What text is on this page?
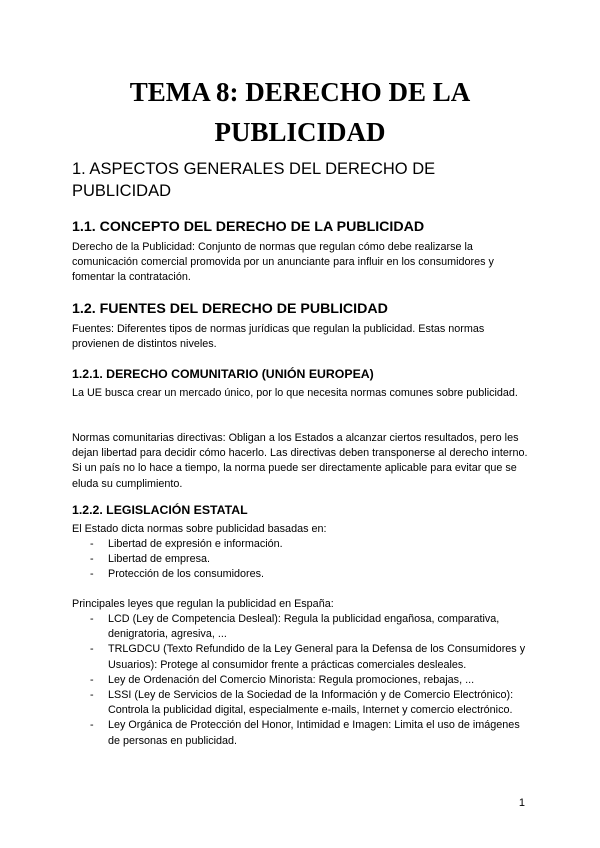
TEMA 8: DERECHO DE LA PUBLICIDAD
1. ASPECTOS GENERALES DEL DERECHO DE PUBLICIDAD
1.1. CONCEPTO DEL DERECHO DE LA PUBLICIDAD

Derecho de la Publicidad: Conjunto de normas que regulan cómo debe realizarse la comunicación comercial promovida por un anunciante para influir en los consumidores y fomentar la contratación.

1.2. FUENTES DEL DERECHO DE PUBLICIDAD

Fuentes: Diferentes tipos de normas jurídicas que regulan la publicidad. Estas normas provienen de distintos niveles.

1.2.1. DERECHO COMUNITARIO (UNIÓN EUROPEA)

La UE busca crear un mercado único, por lo que necesita normas comunes sobre publicidad.

Normas comunitarias directivas: Obligan a los Estados a alcanzar ciertos resultados, pero les dejan libertad para decidir cómo hacerlo. Las directivas deben transponerse al derecho interno. Si un país no lo hace a tiempo, la norma puede ser directamente aplicable para evitar que se eluda su cumplimiento.

1.2.2. LEGISLACIÓN ESTATAL

El Estado dicta normas sobre publicidad basadas en:

- Libertad de expresión e información.
- Libertad de empresa.
- Protección de los consumidores.

Principales leyes que regulan la publicidad en España:

- LCD (Ley de Competencia Desleal): Regula la publicidad engañosa, comparativa, denigratoria, agresiva, ...
- TRLGDCU (Texto Refundido de la Ley General para la Defensa de los Consumidores y Usuarios): Protege al consumidor frente a prácticas comerciales desleales.
- Ley de Ordenación del Comercio Minorista: Regula promociones, rebajas, ...
- LSSI (Ley de Servicios de la Sociedad de la Información y de Comercio Electrónico): Controla la publicidad digital, especialmente e-mails, Internet y comercio electrónico.
- Ley Orgánica de Protección del Honor, Intimidad e Imagen: Limita el uso de imágenes de personas en publicidad.
1
